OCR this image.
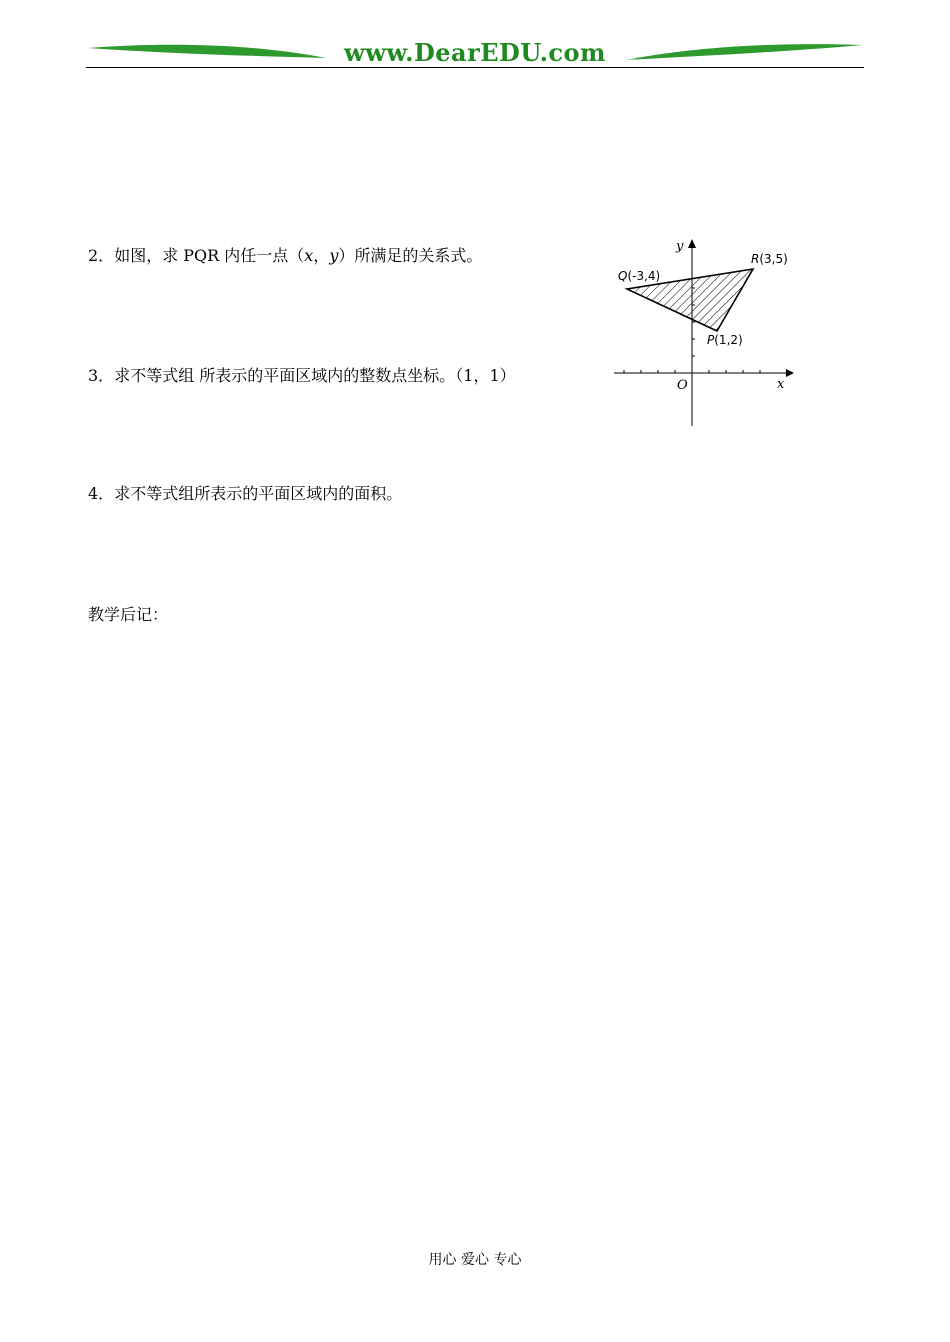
www.DearEDU.com
2．如图，求 PQR 内任一点（x，y）所满足的关系式。
3．求不等式组 所表示的平面区域内的整数点坐标。（1，1）
4．求不等式组所表示的平面区域内的面积。
教学后记：
y
x
O
R(3,5)
Q(-3,4)
P(1,2)
用心 爱心 专心
